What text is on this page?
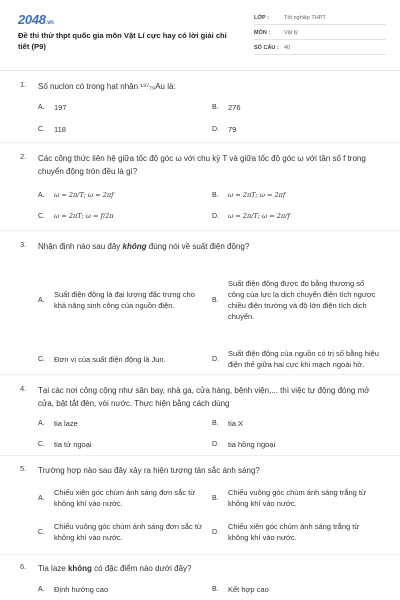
2048.vn
Đề thi thử thpt quốc gia môn Vật Lí cực hay có lời giải chi tiết (P9)
LỚP :	Tốt nghiệp THPT
MÔN :	Vật lý
SỐ CÂU : 40
1. Số nuclon có trong hạt nhân ¹⁹⁷₇₉Au là:
A.	197	B.	276
C.	118	D.	79
2. Các công thức liên hệ giữa tốc độ góc ω với chu kỳ T và giữa tốc độ góc ω với tần số f trong chuyển động tròn đều là gì?
A.	ω = 2π/T; ω = 2πf	B.	ω = 2πT; ω = 2πf
C.	ω = 2πT; ω = f/2π	D.	ω = 2π/T; ω = 2π/f
3. Nhận định nào sau đây không đúng nói về suất điện động?
A.
Suất điện động là đại lượng đặc trưng cho khả năng sinh công của nguồn điện.
B.
Suất điện động được đo bằng thương số công của lực lạ dịch chuyển điện tích ngược chiều điện trường và độ lớn điện tích dịch chuyển.
C.	Đơn vị của suất điện động là Jun.	D.
Suất điện động của nguồn có trị số bằng hiệu điện thế giữa hai cực khi mạch ngoài hở.
4. Tại các nơi công cộng như sân bay, nhà ga, cửa hàng, bệnh viện,... thì việc tự động đóng mở cửa, bật tắt đèn, vòi nước. Thực hiện bằng cách dùng
A.	tia laze	B.	tia X
C.	tia tử ngoại	D.	tia hồng ngoại
5. Trường hợp nào sau đây xảy ra hiện tượng tán sắc ánh sáng?
A.
Chiếu xiên góc chùm ánh sáng đơn sắc từ không khí vào nước.
B.
Chiếu vuông góc chùm ánh sáng trắng từ không khí vào nước.
C.
Chiếu vuông góc chùm ánh sáng đơn sắc từ không khí vào nước.
D.
Chiếu xiên góc chùm ánh sáng trắng từ không khí vào nước.
6. Tia laze không có đặc điểm nào dưới đây?
A.	Định hướng cao	B.	Kết hợp cao
